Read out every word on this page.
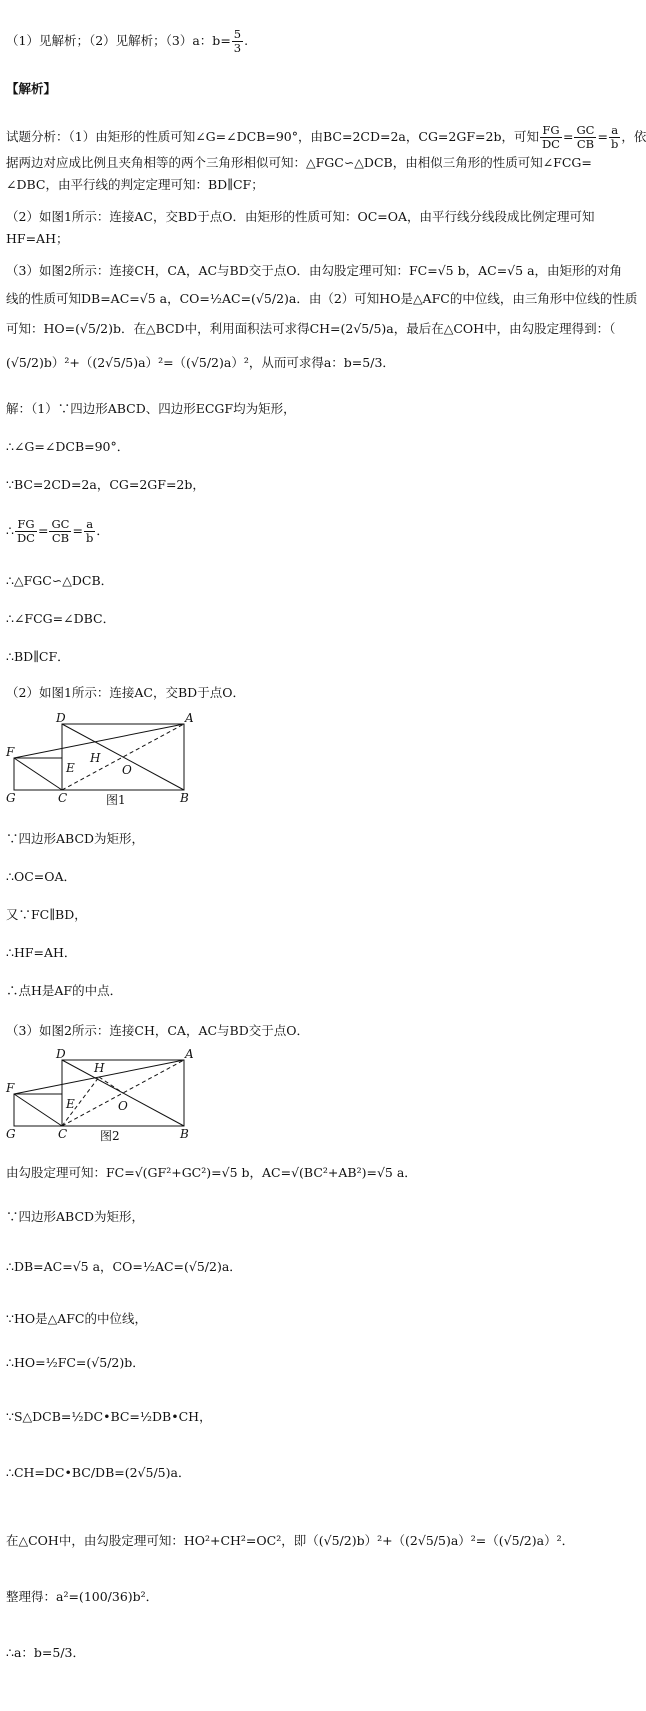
（1）见解析；（2）见解析；（3）a：$b= \frac{5}{3}$ .
【解析】
试题分析：（1）由矩形的性质可知∠G=∠DCB=90°，由BC=2CD=2a，CG=2GF=2b，可知 $\frac{FG}{DC} = \frac{GC}{CB} = \frac{a}{b}$ ，依
据两边对应成比例且夹角相等的两个三角形相似可知：△FGC∽△DCB，由相似三角形的性质可知∠FCG=
∠DBC，由平行线的判定定理可知：BD∥CF；
（2）如图1所示：连接AC，交BD于点O．由矩形的性质可知：OC=OA，由平行线分线段成比例定理可知
HF=AH；
（3）如图2所示：连接CH，CA，AC与BD交于点O．由勾股定理可知：FC=√5 b，AC=√5 a，由矩形的对角
线的性质可知DB=AC=√5 a，CO=½AC=(√5/2)a．由（2）可知HO是△AFC的中位线，由三角形中位线的性质
可知：HO=(√5/2)b．在△BCD中，利用面积法可求得CH=(2√5/5)a，最后在△COH中，由勾股定理得到：（
(√5/2)b）²+（(2√5/5)a）²=（(√5/2)a）²，从而可求得a：b=5/3．
解：（1）∵四边形ABCD、四边形ECGF均为矩形，
∴∠G=∠DCB=90°．
∵BC=2CD=2a，CG=2GF=2b，
∴ $\frac{FG}{DC} = \frac{GC}{CB} = \frac{a}{b}$ ．
∴△FGC∽△DCB．
∴∠FCG=∠DBC．
∴BD∥CF．
（2）如图1所示：连接AC，交BD于点O．
D	A
F
E
H
O
G	C	B
图1
∵四边形ABCD为矩形，
∴OC=OA．
又∵FC∥BD，
∴HF=AH．
∴点H是AF的中点．
（3）如图2所示：连接CH，CA，AC与BD交于点O．
D	A
F
E
H
O
G	C	B
图2
由勾股定理可知：FC=√(GF²+GC²)=√5 b，AC=√(BC²+AB²)=√5 a．
∵四边形ABCD为矩形，
∴DB=AC=√5 a，CO=½AC=(√5/2)a．
∵HO是△AFC的中位线，
∴HO=½FC=(√5/2)b．
∵S△DCB=½DC•BC=½DB•CH，
∴CH=DC•BC/DB=(2√5/5)a．
在△COH中，由勾股定理可知：HO²+CH²=OC²，即（(√5/2)b）²+（(2√5/5)a）²=（(√5/2)a）²．
整理得：a²=(100/36)b²．
∴a：b=5/3．
